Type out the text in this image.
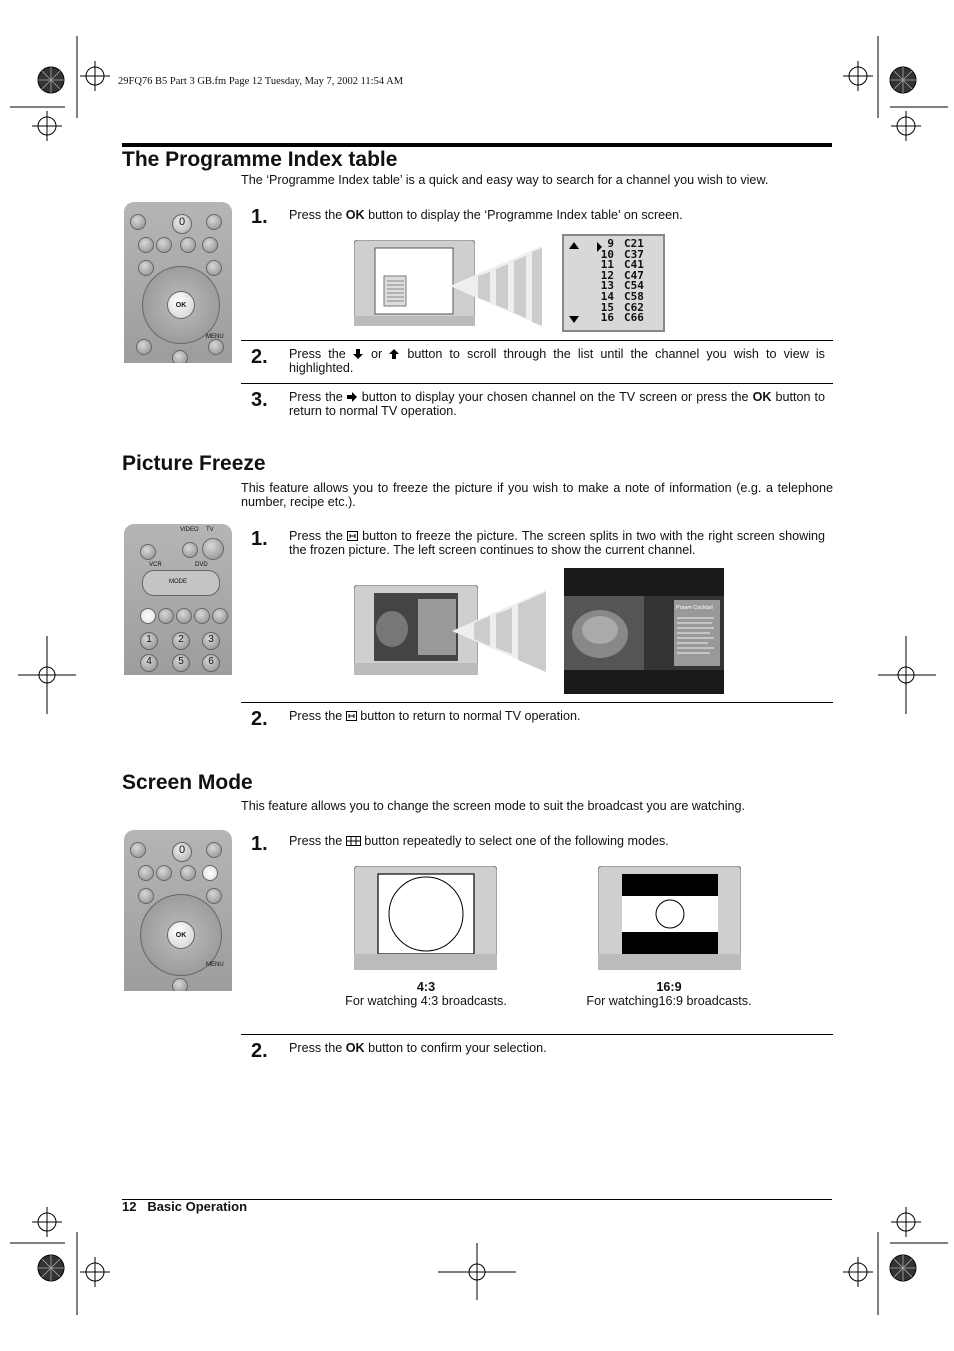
29FQ76 B5 Part 3 GB.fm Page 12 Tuesday, May 7, 2002 11:54 AM
The Programme Index table
The ‘Programme Index table’ is a quick and easy way to search for a channel you wish to view.
0
OK
MENU
1. Press the OK button to display the ‘Programme Index table’ on screen.
9 C21
10 C37
11 C41
12 C47
13 C54
14 C58
15 C62
16 C66
2. Press the  or  button to scroll through the list until the channel you wish to view is highlighted.
3. Press the  button to display your chosen channel on the TV screen or press the OK button to return to normal TV operation.
Picture Freeze
This feature allows you to freeze the picture if you wish to make a note of information (e.g. a telephone number, recipe etc.).
VIDEO TV
VCR	DVD
MODE
1	2	3
4	5	6
1. Press the  button to freeze the picture. The screen splits in two with the right screen showing the frozen picture. The left screen continues to show the current channel.
Prawn Cocktail
2. Press the  button to return to normal TV operation.
Screen Mode
This feature allows you to change the screen mode to suit the broadcast you are watching.
0
OK
MENU
1. Press the  button repeatedly to select one of the following modes.
4:3
For watching 4:3 broadcasts.
16:9
For watching16:9 broadcasts.
2. Press the OK button to confirm your selection.
12 Basic Operation
